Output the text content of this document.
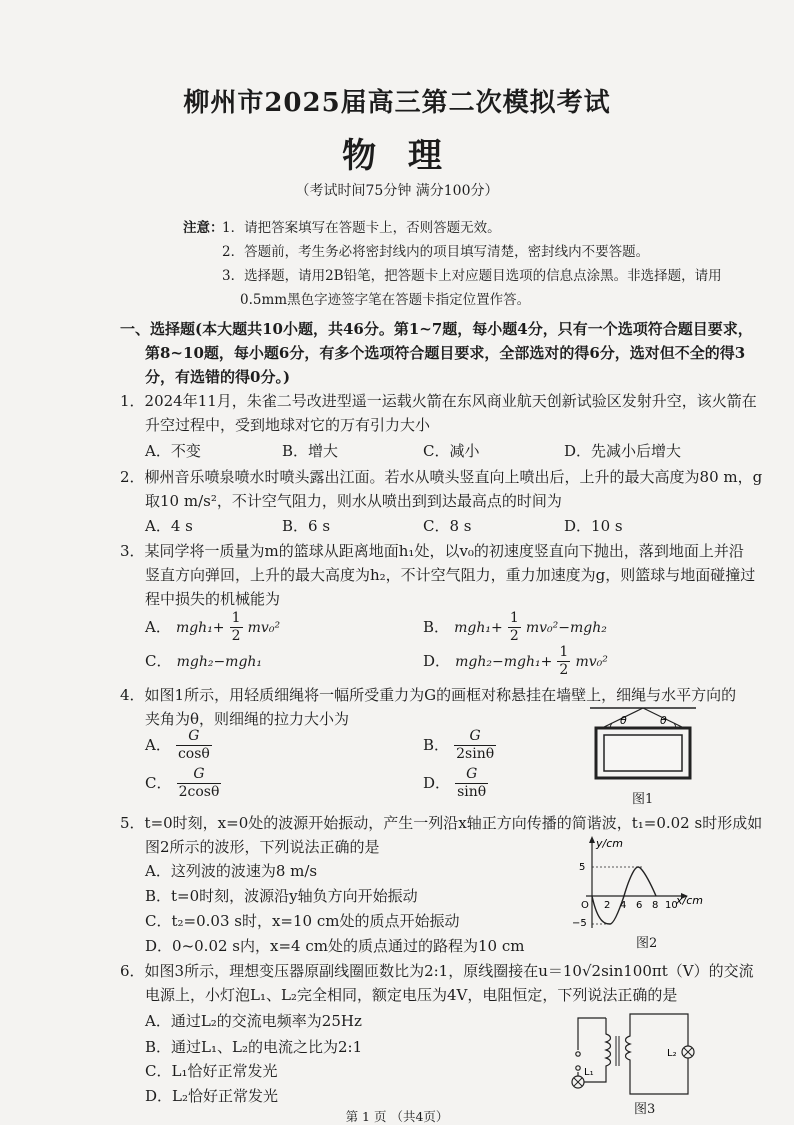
柳州市2025届高三第二次模拟考试
物 理
（考试时间75分钟 满分100分）
注意：
1．请把答案填写在答题卡上，否则答题无效。
2．答题前，考生务必将密封线内的项目填写清楚，密封线内不要答题。
3．选择题，请用2B铅笔，把答题卡上对应题目选项的信息点涂黑。非选择题，请用
0.5mm黑色字迹签字笔在答题卡指定位置作答。
一、选择题(本大题共10小题，共46分。第1~7题，每小题4分，只有一个选项符合题目要求，
第8~10题，每小题6分，有多个选项符合题目要求，全部选对的得6分，选对但不全的得3
分，有选错的得0分。)
1．2024年11月，朱雀二号改进型遥一运载火箭在东风商业航天创新试验区发射升空，该火箭在
升空过程中，受到地球对它的万有引力大小
A．不变	B．增大	C．减小	D．先减小后增大
2．柳州音乐喷泉喷水时喷头露出江面。若水从喷头竖直向上喷出后，上升的最大高度为80 m，g
取10 m/s²，不计空气阻力，则水从喷出到到达最高点的时间为
A．4 s	B．6 s	C．8 s	D．10 s
3．某同学将一质量为m的篮球从距离地面h₁处，以v₀的初速度竖直向下抛出，落到地面上并沿
竖直方向弹回，上升的最大高度为h₂，不计空气阻力，重力加速度为g，则篮球与地面碰撞过
程中损失的机械能为
A． $mgh_1+ \frac{1}{2} mv_0^2$	B． $mgh_1+ \frac{1}{2} mv_0^2-mgh_2$
C． mgh₂−mgh₁	D． $mgh_2-mgh_1+ \frac{1}{2} mv_0^2$
4．如图1所示，用轻质细绳将一幅所受重力为G的画框对称悬挂在墙壁上，细绳与水平方向的
夹角为θ，则细绳的拉力大小为
A． $\frac{G}{\cos\theta}$	B． $\frac{G}{2\sin\theta}$
C． $\frac{G}{2\cos\theta}$	D． $\frac{G}{\sin\theta}$
θ	θ
图1
5．t=0时刻，x=0处的波源开始振动，产生一列沿x轴正方向传播的简谐波，t₁=0.02 s时形成如
图2所示的波形，下列说法正确的是
A．这列波的波速为8 m/s
B．t=0时刻，波源沿y轴负方向开始振动
C．t₂=0.03 s时，x=10 cm处的质点开始振动
D．0~0.02 s内，x=4 cm处的质点通过的路程为10 cm
y/cm
x/cm
O
5
−5
2 4 6 8 10
图2
6．如图3所示，理想变压器原副线圈匝数比为2:1，原线圈接在u＝10√2sin100πt（V）的交流
电源上，小灯泡L₁、L₂完全相同，额定电压为4V，电阻恒定，下列说法正确的是
A．通过L₂的交流电频率为25Hz
B．通过L₁、L₂的电流之比为2:1
C．L₁恰好正常发光
D．L₂恰好正常发光
L₁
L₂
图3
第 1 页 （共4页）
